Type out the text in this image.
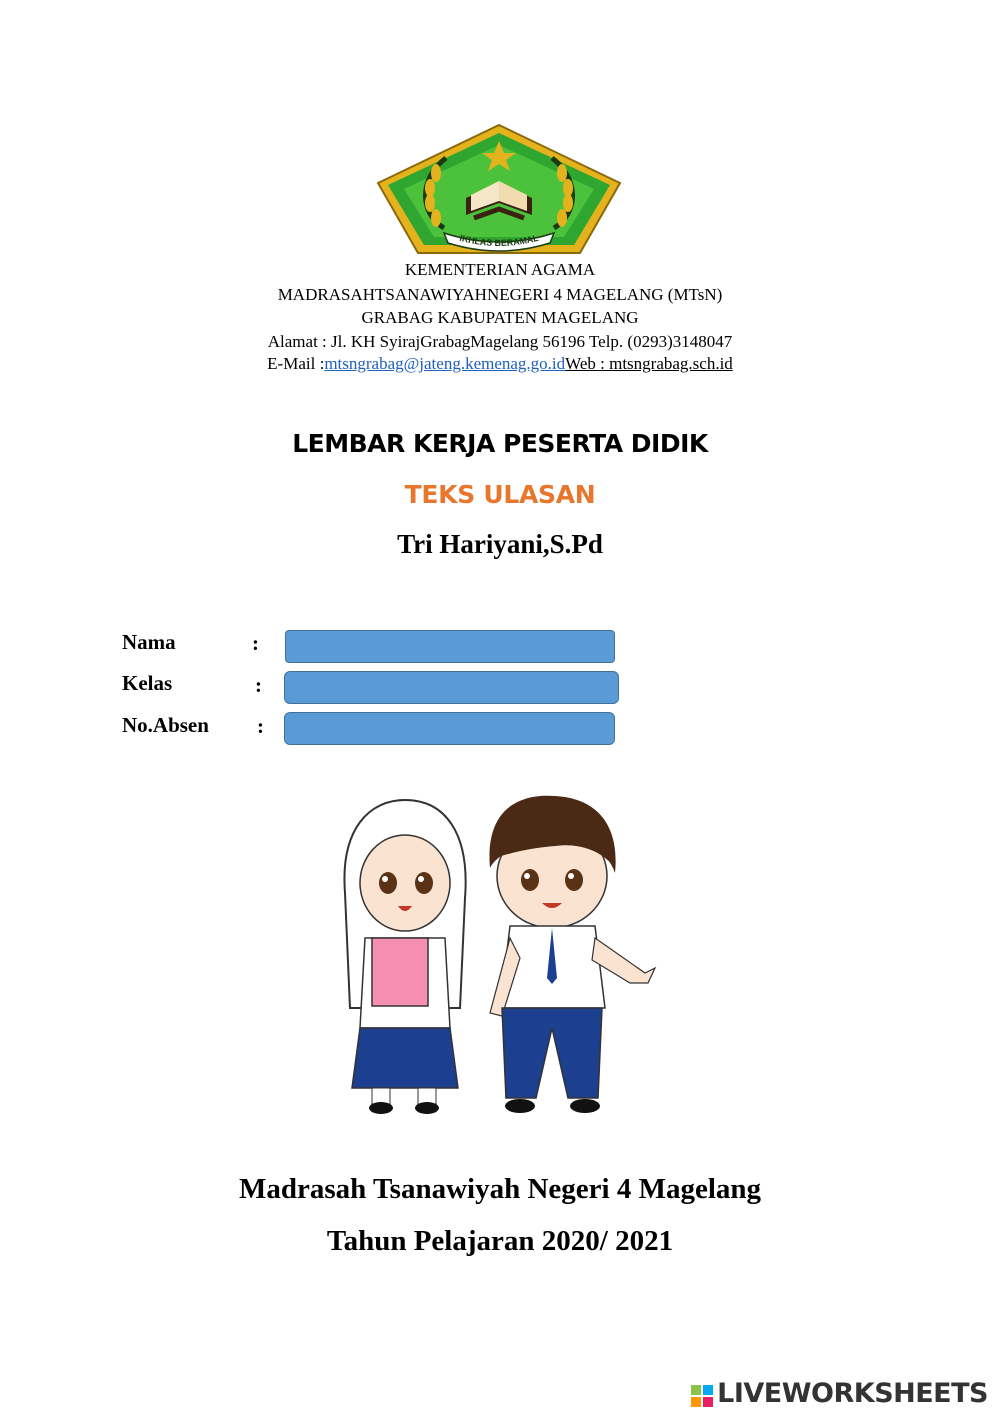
IKHLAS BERAMAL
KEMENTERIAN AGAMA
MADRASAHTSANAWIYAHNEGERI 4 MAGELANG (MTsN)
GRABAG KABUPATEN MAGELANG
Alamat : Jl. KH SyirajGrabagMagelang 56196 Telp. (0293)3148047
E-Mail :mtsngrabag@jateng.kemenag.go.idWeb : mtsngrabag.sch.id
LEMBAR KERJA PESERTA DIDIK
TEKS ULASAN
Tri Hariyani,S.Pd
Nama	:
Kelas	:
No.Absen :
Madrasah Tsanawiyah Negeri 4 Magelang
Tahun Pelajaran 2020/ 2021
LIVEWORKSHEETS
